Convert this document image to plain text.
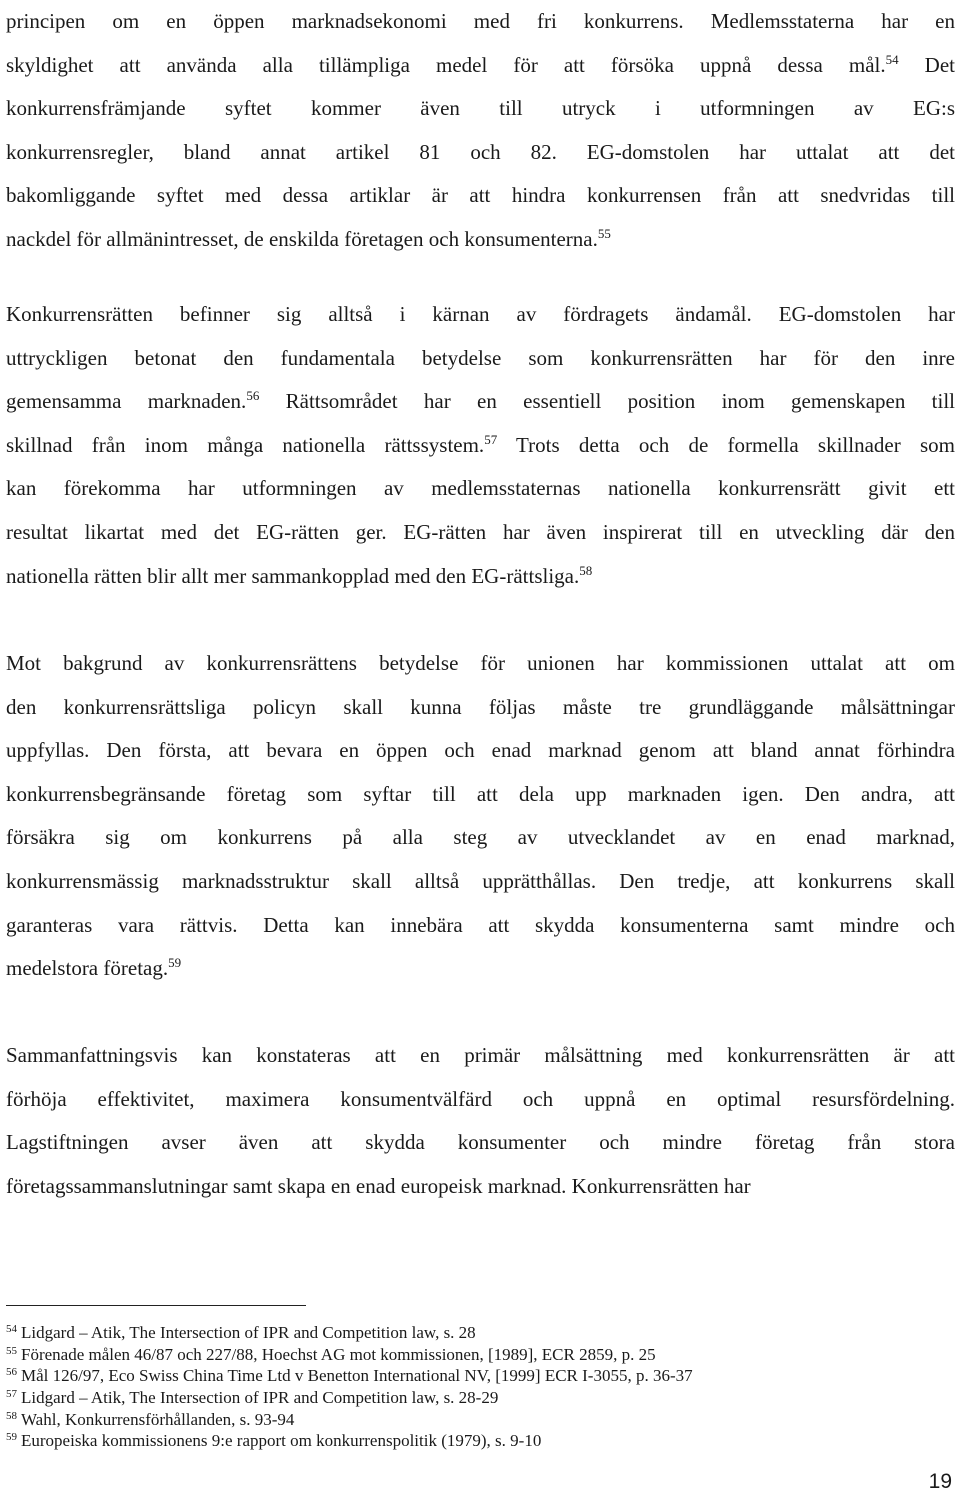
principen om en öppen marknadsekonomi med fri konkurrens. Medlemsstaterna har en
skyldighet att använda alla tillämpliga medel för att försöka uppnå dessa mål.$^{54}$ Det
konkurrensfrämjande syftet kommer även till utryck i utformningen av EG:s
konkurrensregler, bland annat artikel 81 och 82. EG-domstolen har uttalat att det
bakomliggande syftet med dessa artiklar är att hindra konkurrensen från att snedvridas till
nackdel för allmänintresset, de enskilda företagen och konsumenterna.$^{55}$
Konkurrensrätten befinner sig alltså i kärnan av fördragets ändamål. EG-domstolen har
uttryckligen betonat den fundamentala betydelse som konkurrensrätten har för den inre
gemensamma marknaden.$^{56}$ Rättsområdet har en essentiell position inom gemenskapen till
skillnad från inom många nationella rättssystem.$^{57}$ Trots detta och de formella skillnader som
kan förekomma har utformningen av medlemsstaternas nationella konkurrensrätt givit ett
resultat likartat med det EG-rätten ger. EG-rätten har även inspirerat till en utveckling där den
nationella rätten blir allt mer sammankopplad med den EG-rättsliga.$^{58}$
Mot bakgrund av konkurrensrättens betydelse för unionen har kommissionen uttalat att om
den konkurrensrättsliga policyn skall kunna följas måste tre grundläggande målsättningar
uppfyllas. Den första, att bevara en öppen och enad marknad genom att bland annat förhindra
konkurrensbegränsande företag som syftar till att dela upp marknaden igen. Den andra, att
försäkra sig om konkurrens på alla steg av utvecklandet av en enad marknad,
konkurrensmässig marknadsstruktur skall alltså upprätthållas. Den tredje, att konkurrens skall
garanteras vara rättvis. Detta kan innebära att skydda konsumenterna samt mindre och
medelstora företag.$^{59}$
Sammanfattningsvis kan konstateras att en primär målsättning med konkurrensrätten är att
förhöja effektivitet, maximera konsumentvälfärd och uppnå en optimal resursfördelning.
Lagstiftningen avser även att skydda konsumenter och mindre företag från stora
företagssammanslutningar samt skapa en enad europeisk marknad. Konkurrensrätten har
$^{54}$ Lidgard – Atik, The Intersection of IPR and Competition law, s. 28
$^{55}$ Förenade målen 46/87 och 227/88, Hoechst AG mot kommissionen, [1989], ECR 2859, p. 25
$^{56}$ Mål 126/97, Eco Swiss China Time Ltd v Benetton International NV, [1999] ECR I-3055, p. 36-37
$^{57}$ Lidgard – Atik, The Intersection of IPR and Competition law, s. 28-29
$^{58}$ Wahl, Konkurrensförhållanden, s. 93-94
$^{59}$ Europeiska kommissionens 9:e rapport om konkurrenspolitik (1979), s. 9-10
19
